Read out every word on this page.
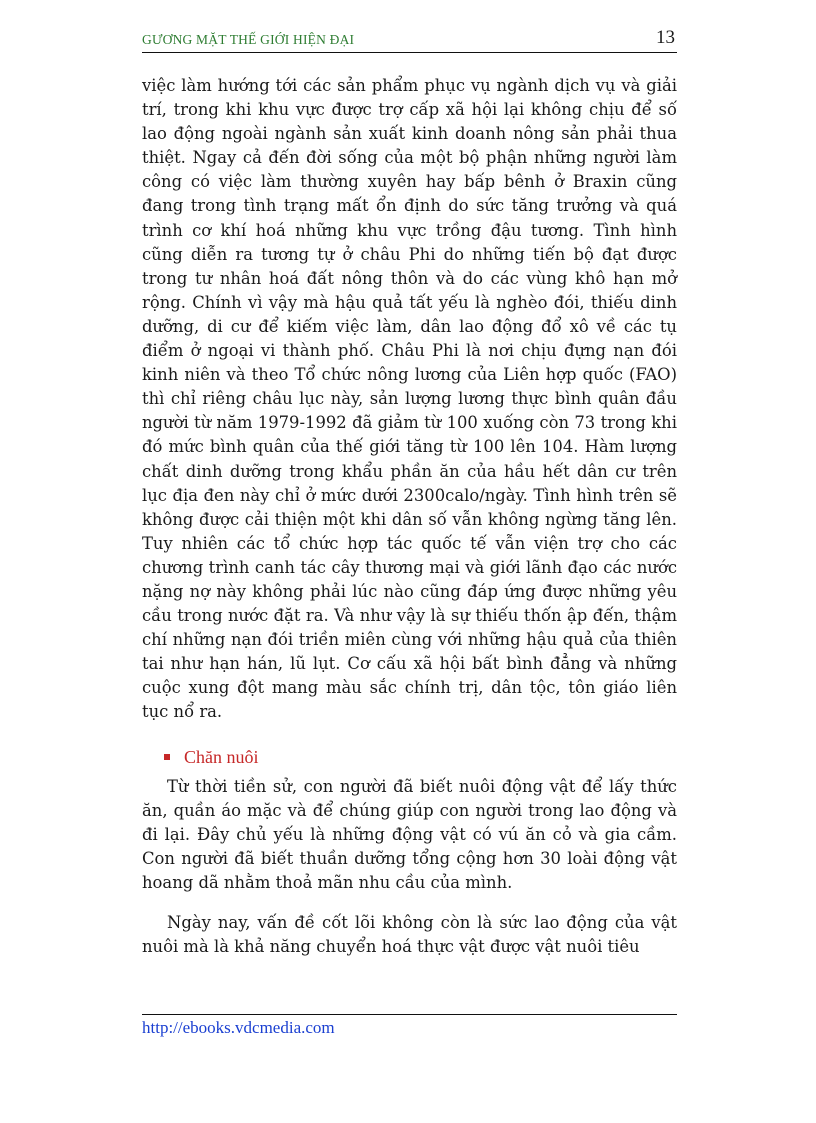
GƯƠNG MẶT THẾ GIỚI HIỆN ĐẠI	13

việc làm hướng tới các sản phẩm phục vụ ngành dịch vụ và giải trí, trong khi khu vực được trợ cấp xã hội lại không chịu để số lao động ngoài ngành sản xuất kinh doanh nông sản phải thua thiệt. Ngay cả đến đời sống của một bộ phận những người làm công có việc làm thường xuyên hay bấp bênh ở Braxin cũng đang trong tình trạng mất ổn định do sức tăng trưởng và quá trình cơ khí hoá những khu vực trồng đậu tương. Tình hình cũng diễn ra tương tự ở châu Phi do những tiến bộ đạt được trong tư nhân hoá đất nông thôn và do các vùng khô hạn mở rộng. Chính vì vậy mà hậu quả tất yếu là nghèo đói, thiếu dinh dưỡng, di cư để kiếm việc làm, dân lao động đổ xô về các tụ điểm ở ngoại vi thành phố. Châu Phi là nơi chịu đựng nạn đói kinh niên và theo Tổ chức nông lương của Liên hợp quốc (FAO) thì chỉ riêng châu lục này, sản lượng lương thực bình quân đầu người từ năm 1979-1992 đã giảm từ 100 xuống còn 73 trong khi đó mức bình quân của thế giới tăng từ 100 lên 104. Hàm lượng chất dinh dưỡng trong khẩu phần ăn của hầu hết dân cư trên lục địa đen này chỉ ở mức dưới 2300calo/ngày. Tình hình trên sẽ không được cải thiện một khi dân số vẫn không ngừng tăng lên. Tuy nhiên các tổ chức hợp tác quốc tế vẫn viện trợ cho các chương trình canh tác cây thương mại và giới lãnh đạo các nước nặng nợ này không phải lúc nào cũng đáp ứng được những yêu cầu trong nước đặt ra. Và như vậy là sự thiếu thốn ập đến, thậm chí những nạn đói triền miên cùng với những hậu quả của thiên tai như hạn hán, lũ lụt. Cơ cấu xã hội bất bình đẳng và những cuộc xung đột mang màu sắc chính trị, dân tộc, tôn giáo liên tục nổ ra.

Chăn nuôi

Từ thời tiền sử, con người đã biết nuôi động vật để lấy thức ăn, quần áo mặc và để chúng giúp con người trong lao động và đi lại. Đây chủ yếu là những động vật có vú ăn cỏ và gia cầm. Con người đã biết thuần dưỡng tổng cộng hơn 30 loài động vật hoang dã nhằm thoả mãn nhu cầu của mình.

Ngày nay, vấn đề cốt lõi không còn là sức lao động của vật nuôi mà là khả năng chuyển hoá thực vật được vật nuôi tiêu

http://ebooks.vdcmedia.com
